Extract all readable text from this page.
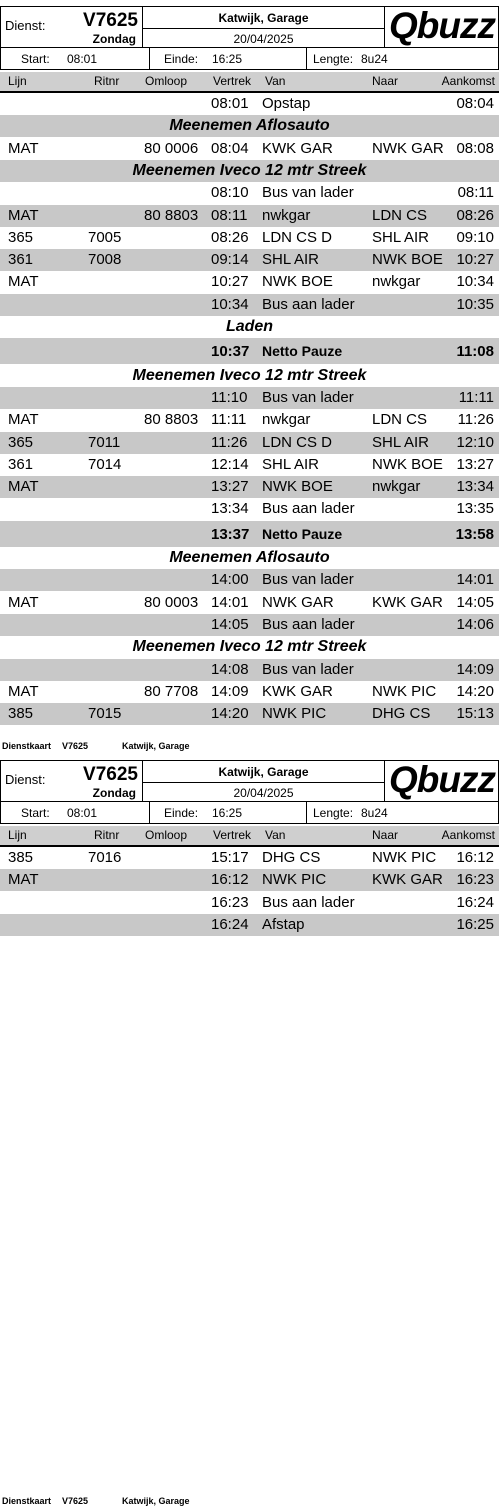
Dienst: V7625
Zondag
Katwijk, Garage
20/04/2025	Qbuzz
Start: 08:01	Einde: 16:25	Lengte: 8u24
Lijn	Ritnr Omloop Vertrek Van	Naar	Aankomst
Dienstkaart V7625	Katwijk, Garage
08:01 Opstap	08:04
Meenemen Aflosauto
MAT	80 0006 08:04 KWK GAR	NWK GAR 08:08
Meenemen Iveco 12 mtr Streek
08:10 Bus van lader	08:11
MAT	80 8803 08:11 nwkgar	LDN CS 08:26
365	7005	08:26 LDN CS D	SHL AIR 09:10
361	7008	09:14 SHL AIR	NWK BOE 10:27
MAT	10:27 NWK BOE	nwkgar 10:34
10:34 Bus aan lader	10:35
Laden
10:37 Netto Pauze	11:08
Meenemen Iveco 12 mtr Streek
11:10 Bus van lader	11:11
MAT	80 8803 11:11 nwkgar	LDN CS 11:26
365	7011	11:26 LDN CS D	SHL AIR 12:10
361	7014	12:14 SHL AIR	NWK BOE 13:27
MAT	13:27 NWK BOE	nwkgar 13:34
13:34 Bus aan lader	13:35
13:37 Netto Pauze	13:58
Meenemen Aflosauto
14:00 Bus van lader	14:01
MAT	80 0003 14:01 NWK GAR	KWK GAR 14:05
14:05 Bus aan lader	14:06
Meenemen Iveco 12 mtr Streek
14:08 Bus van lader	14:09
MAT	80 7708 14:09 KWK GAR	NWK PIC 14:20
385	7015	14:20 NWK PIC	DHG CS 15:13
Dienst: V7625
Zondag
Katwijk, Garage
20/04/2025	Qbuzz
Start: 08:01	Einde: 16:25	Lengte: 8u24
Lijn	Ritnr Omloop Vertrek Van	Naar	Aankomst
Dienstkaart V7625	Katwijk, Garage
385	7016	15:17 DHG CS	NWK PIC 16:12
MAT	16:12 NWK PIC	KWK GAR 16:23
16:23 Bus aan lader	16:24
16:24 Afstap	16:25
